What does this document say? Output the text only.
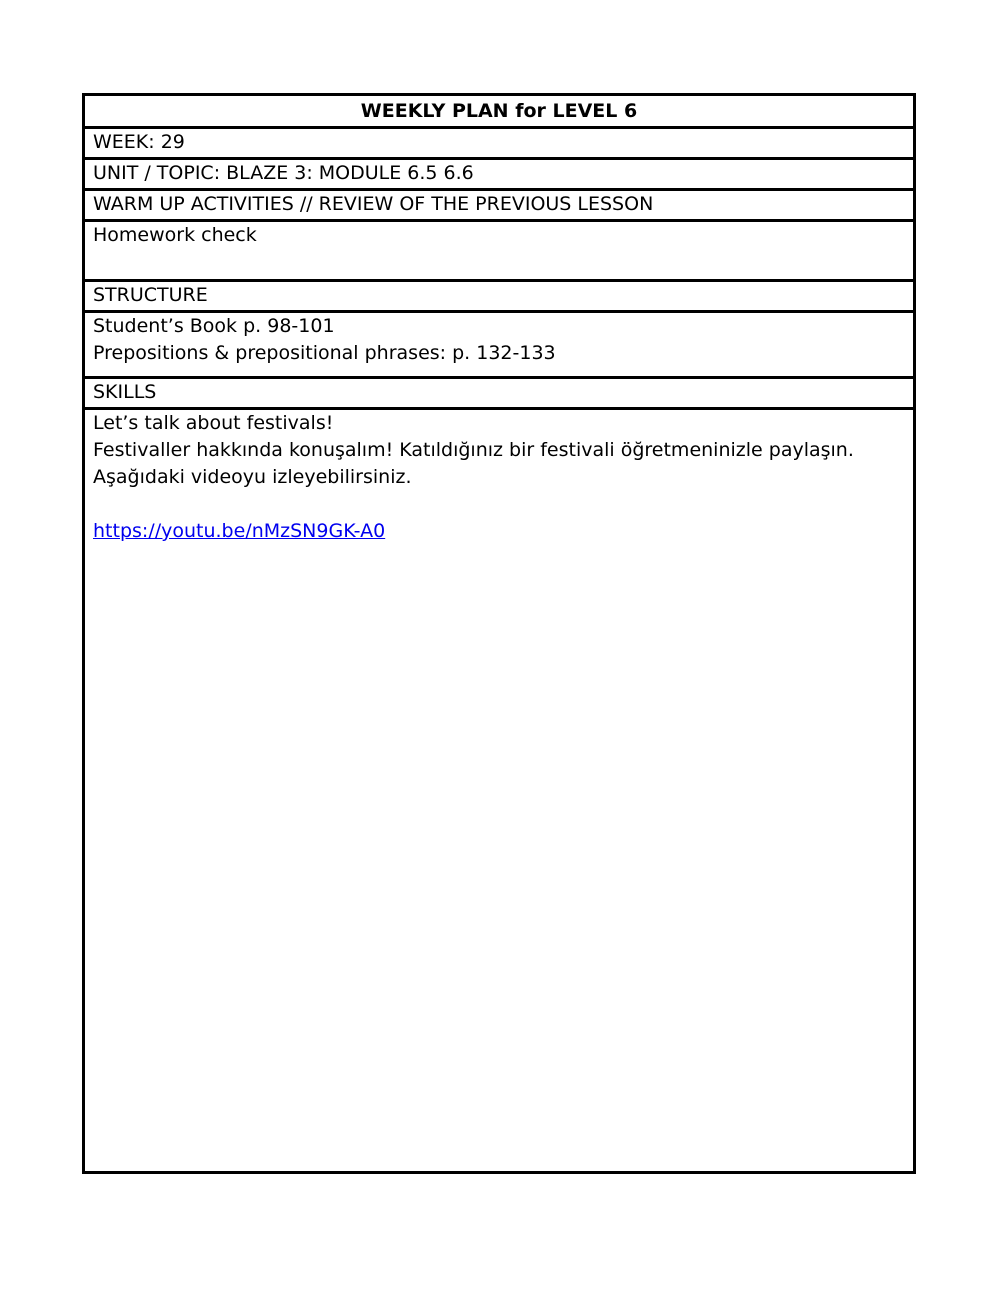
WEEKLY PLAN for LEVEL 6
WEEK: 29
UNIT / TOPIC: BLAZE 3: MODULE 6.5 6.6
WARM UP ACTIVITIES // REVIEW OF THE PREVIOUS LESSON
Homework check
STRUCTURE
Student’s Book p. 98-101
Prepositions & prepositional phrases: p. 132-133
SKILLS
Let’s talk about festivals!
Festivaller hakkında konuşalım! Katıldığınız bir festivali öğretmeninizle paylaşın.
Aşağıdaki videoyu izleyebilirsiniz.
https://youtu.be/nMzSN9GK-A0
